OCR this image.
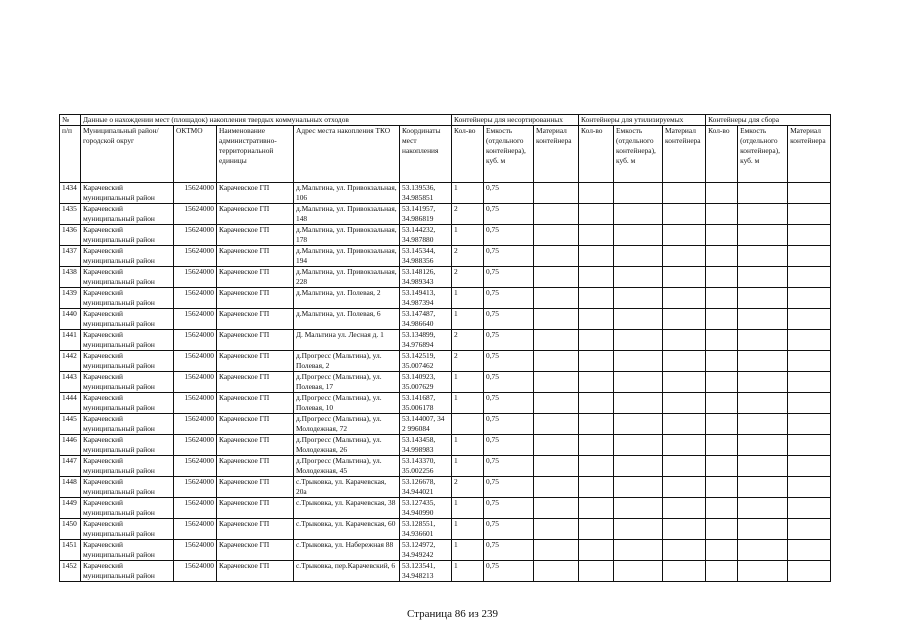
№	Данные о нахождении мест (площадок) накопления твердых коммунальных отходов					Контейнеры для несортированных			Контейнеры для утилизируемых			Контейнеры для сбора		
п/п	Муниципальный район/городской округ	ОКТМО	Наименование административно-территориальной единицы	Адрес места накопления ТКО	Координаты мест накопления	Кол-во	Емкость (отдельного контейнера), куб. м	Материал контейнера	Кол-во	Емкость (отдельного контейнера), куб. м	Материал контейнера	Кол-во	Емкость (отдельного контейнера), куб. м	Материал контейнера
1434	Карачевский муниципальный район	15624000	Карачевское ГП	д.Мальтина, ул. Привокзальная, 106	53.139536, 34.985851	1	0,75							
1435	Карачевский муниципальный район	15624000	Карачевское ГП	д.Мальтина, ул. Привокзальная, 148	53.141957, 34.986819	2	0,75							
1436	Карачевский муниципальный район	15624000	Карачевское ГП	д.Мальтина, ул. Привокзальная, 178	53.144232, 34.987880	1	0,75							
1437	Карачевский муниципальный район	15624000	Карачевское ГП	д.Мальтина, ул. Привокзальная, 194	53.145344, 34.988356	2	0,75							
1438	Карачевский муниципальный район	15624000	Карачевское ГП	д.Мальтина, ул. Привокзальная, 228	53.148126, 34.989343	2	0,75							
1439	Карачевский муниципальный район	15624000	Карачевское ГП	д.Мальтина, ул. Полевая, 2	53.149413, 34.987394	1	0,75							
1440	Карачевский муниципальный район	15624000	Карачевское ГП	д.Мальтина, ул. Полевая, 6	53.147487, 34.986640	1	0,75							
1441	Карачевский муниципальный район	15624000	Карачевское ГП	Д. Мальтина ул. Лесная д. 1	53.134899, 34.976894	2	0,75							
1442	Карачевский муниципальный район	15624000	Карачевское ГП	д.Прогресс (Мальтина), ул. Полевая, 2	53.142519, 35.007462	2	0,75							
1443	Карачевский муниципальный район	15624000	Карачевское ГП	д.Прогресс (Мальтина), ул. Полевая, 17	53.140923, 35.007629	1	0,75							
1444	Карачевский муниципальный район	15624000	Карачевское ГП	д.Прогресс (Мальтина), ул. Полевая, 10	53.141687, 35.006178	1	0,75							
1445	Карачевский муниципальный район	15624000	Карачевское ГП	д.Прогресс (Мальтина), ул. Молодежная, 72	53.144007, 34 2 996084		0,75							
1446	Карачевский муниципальный район	15624000	Карачевское ГП	д.Прогресс (Мальтина), ул. Молодежная, 26	53.143458, 34.998983	1	0,75							
1447	Карачевский муниципальный район	15624000	Карачевское ГП	д.Прогресс (Мальтина), ул. Молодежная, 45	53.143370, 35.002256	1	0,75							
1448	Карачевский муниципальный район	15624000	Карачевское ГП	с.Трыковка, ул. Карачевская, 20а	53.126678, 34.944021	2	0,75							
1449	Карачевский муниципальный район	15624000	Карачевское ГП	с.Трыковка, ул. Карачевская, 38	53.127435, 34.940990	1	0,75							
1450	Карачевский муниципальный район	15624000	Карачевское ГП	с.Трыковка, ул. Карачевская, 60	53.128551, 34.936601	1	0,75							
1451	Карачевский муниципальный район	15624000	Карачевское ГП	с.Трыковка, ул. Набережная 88	53.124972, 34.949242	1	0,75							
1452	Карачевский муниципальный район	15624000	Карачевское ГП	с.Трыковка, пер.Карачевский, 6	53.123541, 34.948213	1	0,75							
Страница 86 из 239
